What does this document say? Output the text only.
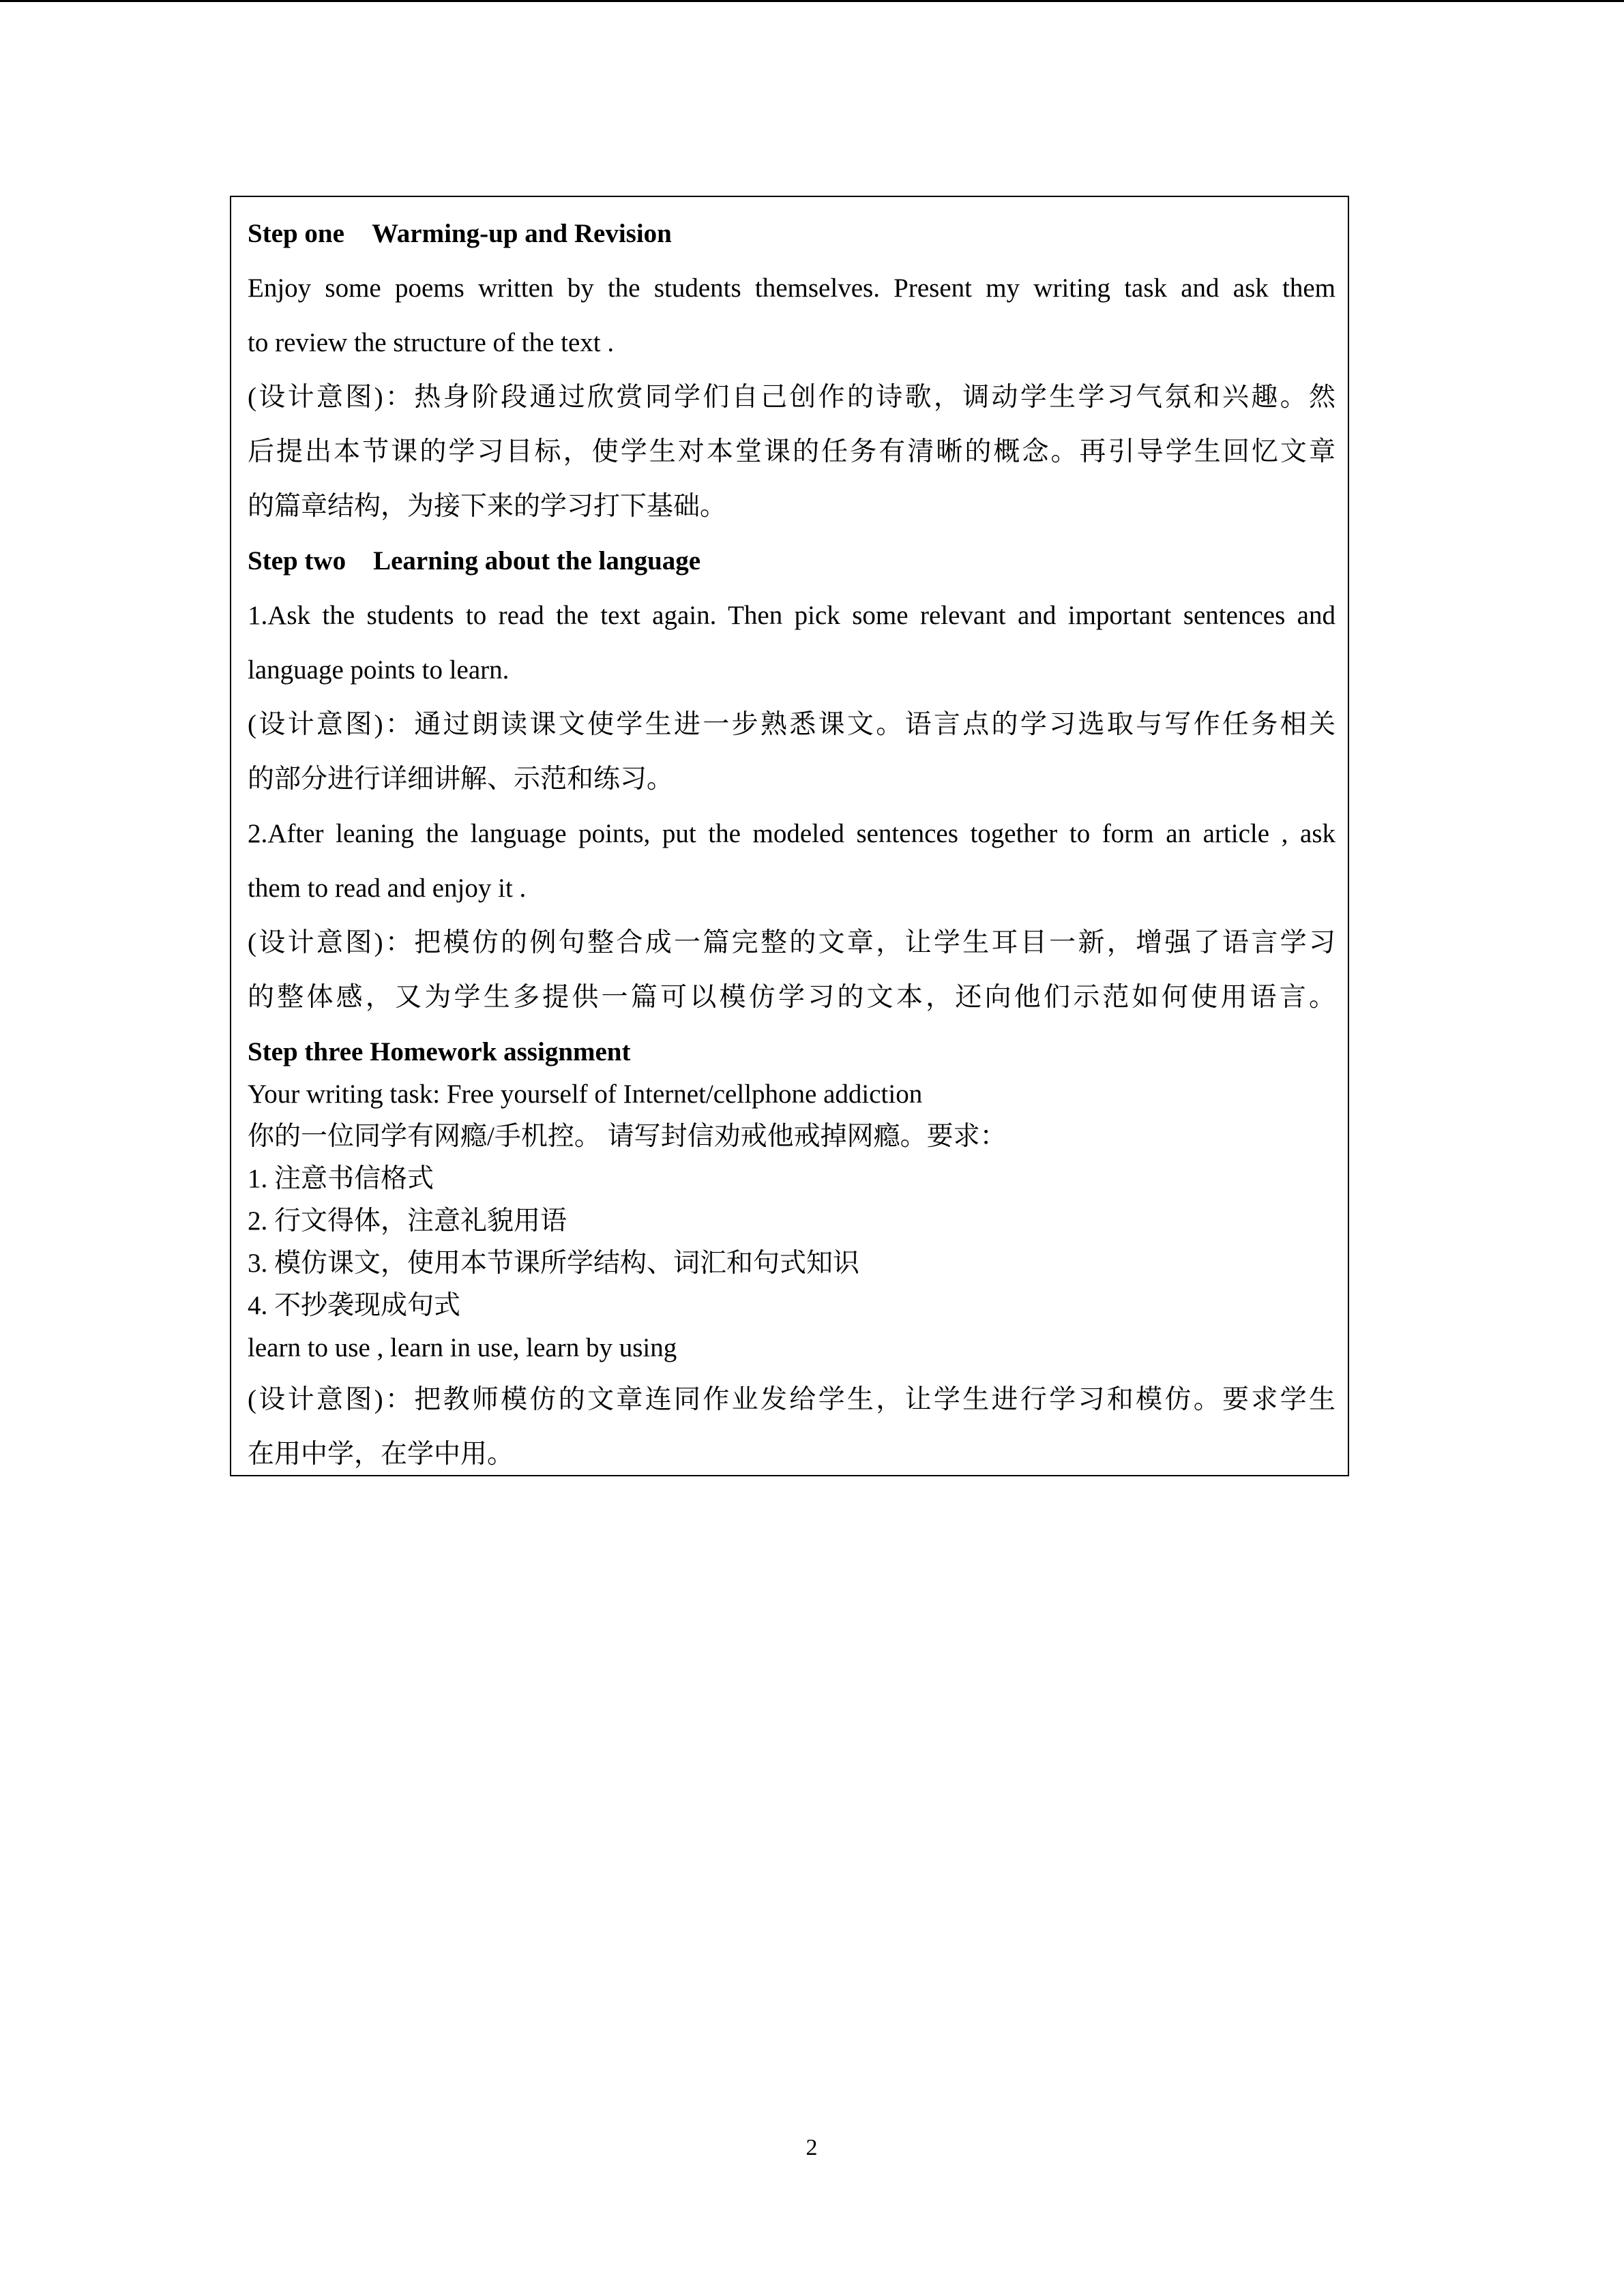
Step one Warming-up and Revision
Enjoy some poems written by the students themselves. Present my writing task and ask them
to review the structure of the text .
(设计意图)：热身阶段通过欣赏同学们自己创作的诗歌，调动学生学习气氛和兴趣。然
后提出本节课的学习目标，使学生对本堂课的任务有清晰的概念。再引导学生回忆文章
的篇章结构，为接下来的学习打下基础。
Step two Learning about the language
1.Ask the students to read the text again. Then pick some relevant and important sentences and
language points to learn.
(设计意图)：通过朗读课文使学生进一步熟悉课文。语言点的学习选取与写作任务相关
的部分进行详细讲解、示范和练习。
2.After leaning the language points, put the modeled sentences together to form an article , ask
them to read and enjoy it .
(设计意图)：把模仿的例句整合成一篇完整的文章，让学生耳目一新，增强了语言学习
的整体感，又为学生多提供一篇可以模仿学习的文本，还向他们示范如何使用语言。
Step three Homework assignment
Your writing task: Free yourself of Internet/cellphone addiction
你的一位同学有网瘾/手机控。 请写封信劝戒他戒掉网瘾。要求：
1. 注意书信格式
2. 行文得体，注意礼貌用语
3. 模仿课文，使用本节课所学结构、词汇和句式知识
4. 不抄袭现成句式
learn to use , learn in use, learn by using
(设计意图)：把教师模仿的文章连同作业发给学生，让学生进行学习和模仿。要求学生
在用中学，在学中用。
2
